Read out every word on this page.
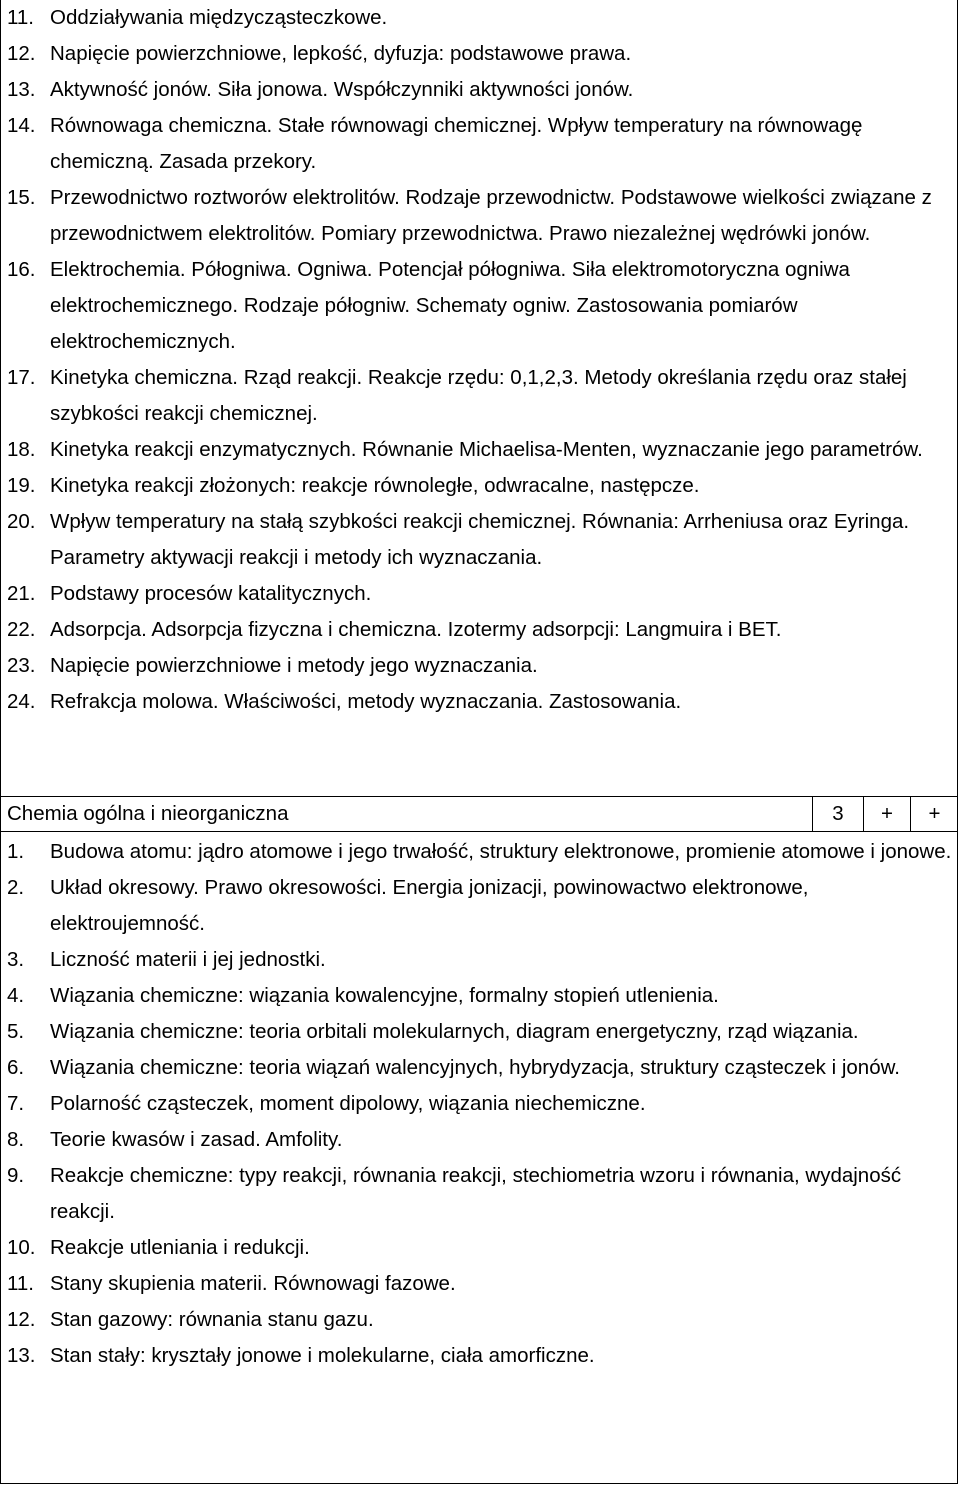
11. Oddziaływania międzycząsteczkowe.
12. Napięcie powierzchniowe, lepkość, dyfuzja: podstawowe prawa.
13. Aktywność jonów. Siła jonowa. Współczynniki aktywności jonów.
14. Równowaga chemiczna. Stałe równowagi chemicznej. Wpływ temperatury na równowagę chemiczną. Zasada przekory.
15. Przewodnictwo roztworów elektrolitów. Rodzaje przewodnictw. Podstawowe wielkości związane z przewodnictwem elektrolitów. Pomiary przewodnictwa. Prawo niezależnej wędrówki jonów.
16. Elektrochemia. Półogniwa. Ogniwa. Potencjał półogniwa. Siła elektromotoryczna ogniwa elektrochemicznego. Rodzaje półogniw. Schematy ogniw. Zastosowania pomiarów elektrochemicznych.
17. Kinetyka chemiczna. Rząd reakcji. Reakcje rzędu: 0,1,2,3. Metody określania rzędu oraz stałej szybkości reakcji chemicznej.
18. Kinetyka reakcji enzymatycznych. Równanie Michaelisa-Menten, wyznaczanie jego parametrów.
19. Kinetyka reakcji złożonych: reakcje równoległe, odwracalne, następcze.
20. Wpływ temperatury na stałą szybkości reakcji chemicznej. Równania: Arrheniusa oraz Eyringa. Parametry aktywacji reakcji i metody ich wyznaczania.
21. Podstawy procesów katalitycznych.
22. Adsorpcja. Adsorpcja fizyczna i chemiczna. Izotermy adsorpcji: Langmuira i BET.
23. Napięcie powierzchniowe i metody jego wyznaczania.
24. Refrakcja molowa. Właściwości, metody wyznaczania. Zastosowania.
Chemia ogólna i nieorganiczna	3	+	+
1. Budowa atomu: jądro atomowe i jego trwałość, struktury elektronowe, promienie atomowe i jonowe.
2. Układ okresowy. Prawo okresowości. Energia jonizacji, powinowactwo elektronowe, elektroujemność.
3. Liczność materii i jej jednostki.
4. Wiązania chemiczne: wiązania kowalencyjne, formalny stopień utlenienia.
5. Wiązania chemiczne: teoria orbitali molekularnych, diagram energetyczny, rząd wiązania.
6. Wiązania chemiczne: teoria wiązań walencyjnych, hybrydyzacja, struktury cząsteczek i jonów.
7. Polarność cząsteczek, moment dipolowy, wiązania niechemiczne.
8. Teorie kwasów i zasad. Amfolity.
9. Reakcje chemiczne: typy reakcji, równania reakcji, stechiometria wzoru i równania, wydajność reakcji.
10. Reakcje utleniania i redukcji.
11. Stany skupienia materii. Równowagi fazowe.
12. Stan gazowy: równania stanu gazu.
13. Stan stały: kryształy jonowe i molekularne, ciała amorficzne.
